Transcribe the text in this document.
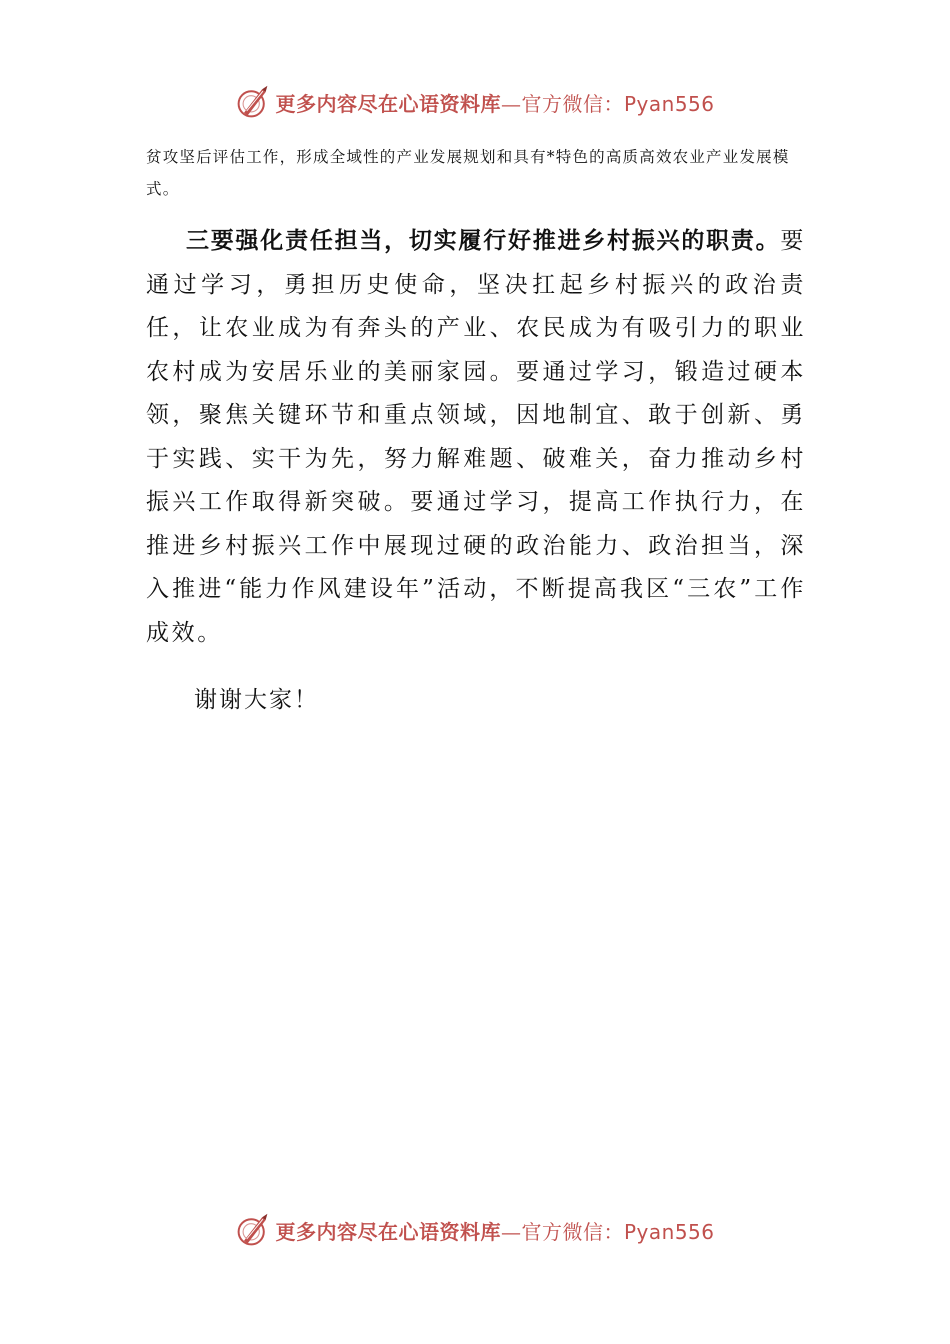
更多内容尽在心语资料库—官方微信：Pyan556

贫攻坚后评估工作，形成全域性的产业发展规划和具有*特色的高质高效农业产业发展模式。

三要强化责任担当，切实履行好推进乡村振兴的职责。要通过学习，勇担历史使命，坚决扛起乡村振兴的政治责任，让农业成为有奔头的产业、农民成为有吸引力的职业农村成为安居乐业的美丽家园。要通过学习，锻造过硬本领，聚焦关键环节和重点领域，因地制宜、敢于创新、勇于实践、实干为先，努力解难题、破难关，奋力推动乡村振兴工作取得新突破。要通过学习，提高工作执行力，在推进乡村振兴工作中展现过硬的政治能力、政治担当，深入推进“能力作风建设年”活动，不断提高我区“三农”工作成效。

谢谢大家！

更多内容尽在心语资料库—官方微信：Pyan556
